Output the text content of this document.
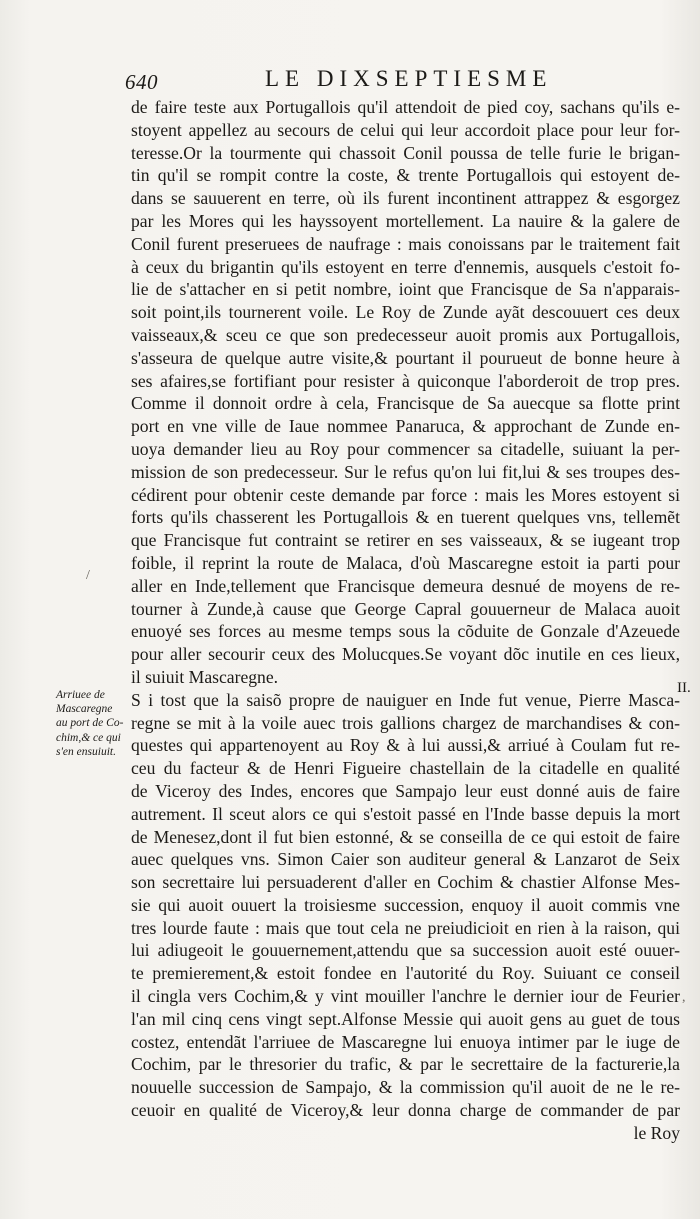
640	LE DIXSEPTIESME
Arriuee de
Mascaregne
au port de Co-
chim,& ce qui
s'en ensuiuit.
II.
/
,
de faire teste aux Portugallois qu'il attendoit de pied coy, sachans qu'ils e-
stoyent appellez au secours de celui qui leur accordoit place pour leur for-
teresse.Or la tourmente qui chassoit Conil poussa de telle furie le brigan-
tin qu'il se rompit contre la coste, & trente Portugallois qui estoyent de-
dans se sauuerent en terre, où ils furent incontinent attrappez & esgorgez
par les Mores qui les hayssoyent mortellement. La nauire & la galere de
Conil furent preseruees de naufrage : mais conoissans par le traitement fait
à ceux du brigantin qu'ils estoyent en terre d'ennemis, ausquels c'estoit fo-
lie de s'attacher en si petit nombre, ioint que Francisque de Sa n'apparais-
soit point,ils tournerent voile. Le Roy de Zunde ayãt descouuert ces deux
vaisseaux,& sceu ce que son predecesseur auoit promis aux Portugallois,
s'asseura de quelque autre visite,& pourtant il pourueut de bonne heure à
ses afaires,se fortifiant pour resister à quiconque l'aborderoit de trop pres.
Comme il donnoit ordre à cela, Francisque de Sa auecque sa flotte print
port en vne ville de Iaue nommee Panaruca, & approchant de Zunde en-
uoya demander lieu au Roy pour commencer sa citadelle, suiuant la per-
mission de son predecesseur. Sur le refus qu'on lui fit,lui & ses troupes des-
cédirent pour obtenir ceste demande par force : mais les Mores estoyent si
forts qu'ils chasserent les Portugallois & en tuerent quelques vns, tellemẽt
que Francisque fut contraint se retirer en ses vaisseaux, & se iugeant trop
foible, il reprint la route de Malaca, d'où Mascaregne estoit ia parti pour
aller en Inde,tellement que Francisque demeura desnué de moyens de re-
tourner à Zunde,à cause que George Capral gouuerneur de Malaca auoit
enuoyé ses forces au mesme temps sous la cõduite de Gonzale d'Azeuede
pour aller secourir ceux des Molucques.Se voyant dõc inutile en ces lieux,
il suiuit Mascaregne.
S i tost que la saisõ propre de nauiguer en Inde fut venue, Pierre Masca-
regne se mit à la voile auec trois gallions chargez de marchandises & con-
questes qui appartenoyent au Roy & à lui aussi,& arriué à Coulam fut re-
ceu du facteur & de Henri Figueire chastellain de la citadelle en qualité
de Viceroy des Indes, encores que Sampajo leur eust donné auis de faire
autrement. Il sceut alors ce qui s'estoit passé en l'Inde basse depuis la mort
de Menesez,dont il fut bien estonné, & se conseilla de ce qui estoit de faire
auec quelques vns. Simon Caier son auditeur general & Lanzarot de Seix
son secrettaire lui persuaderent d'aller en Cochim & chastier Alfonse Mes-
sie qui auoit ouuert la troisiesme succession, enquoy il auoit commis vne
tres lourde faute : mais que tout cela ne preiudicioit en rien à la raison, qui
lui adiugeoit le gouuernement,attendu que sa succession auoit esté ouuer-
te premierement,& estoit fondee en l'autorité du Roy. Suiuant ce conseil
il cingla vers Cochim,& y vint mouiller l'anchre le dernier iour de Feurier
l'an mil cinq cens vingt sept.Alfonse Messie qui auoit gens au guet de tous
costez, entendãt l'arriuee de Mascaregne lui enuoya intimer par le iuge de
Cochim, par le thresorier du trafic, & par le secrettaire de la facturerie,la
nouuelle succession de Sampajo, & la commission qu'il auoit de ne le re-
ceuoir en qualité de Viceroy,& leur donna charge de commander de par
le Roy
